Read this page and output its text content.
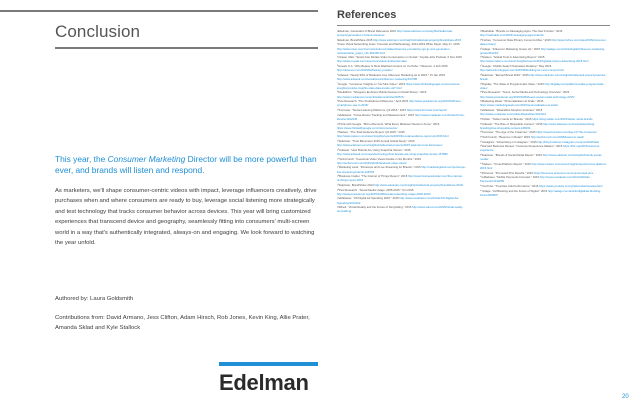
Conclusion

This year, the Consumer Marketing Director will be more powerful than ever, and brands will listen and respond.

As marketers, we'll shape consumer-centric videos with impact, leverage influencers creatively, drive purchases when and where consumers are ready to buy, leverage social listening more strategically and test technology that tracks consumer behavior across devices. This year will bring customized experiences that transcend device and geography, seamlessly fitting into consumers' multi-screen world in a way that's authentically integrated, always-on and engaging. We look forward to watching the year unfold.

Authored by: Laura Goldsmith

Contributions from: David Armano, Jess Clifton, Adam Hirsch, Rob Jones, Kevin King, Allie Prater, Amanda Sklad and Kyle Stallock

Edelman
References

¹Edelman, Generation Z Brand Relevance 2015 http://www.edelman.com/insights/intellectual-property/generation-z-brand-relevance

²Edelman, BrandShare 2015 http://www.edelman.com/insights/intellectual-property/brandshare-2015

³Cisco Visual Networking Index: Forecast and Methodology, 2014-2019 White Paper, May 27, 2015 http://www.cisco.com/c/en/us/solutions/collateral/service-provider/ip-ngn-ip-next-generation-network/white_paper_c11-481360.html

⁴Ocasio, Matt. "Sports Fan Dictate Video Consumption on Social." Ooyala Jobs Podcast, 6 Nov 2015 http://www.ooyala.com/resources/videomind/social-video

⁵Howell, K.A. "Why Beauty Is Most Watched Content on YouTube." Observer, 4 Feb 2015 http://observer.com/2015/02/beauty-youtube/

⁶Adweek, "Nearly 90% of Marketers Use Influencer Marketing as of 2015." 15 Jan 2015 http://www.adweek.com/socialtimes/influencer-marketing/614780

⁷Google. "Consumer Insights on YouTube Video." 2015 https://www.thinkwithgoogle.com/consumer-insights/youtube-insights-stats-data-trends-vol7.html

⁸MediaPost. "Shoppers Embrace Mobile Devices In Retail Stores." 2015 http://www.mediapost.com/publications/article/246571/

⁹Pew Research. "The Smartphone Difference." April 2015 http://www.pewinternet.org/2015/04/01/us-smartphone-use-in-2015/

¹⁰Forrester. "Social Listening Platforms, Q3 2015." 2015 https://www.forrester.com/report/

¹¹eMarketer. "Cross-Device Tracking and Measurement." 2015 http://www.emarketer.com/Article/Cross-Device/1012345

¹²Think with Google. "Micro-Moments: What Every Marketer Needs to Know." 2015 https://www.thinkwithgoogle.com/micromoments/

¹³Nielsen. "The Total Audience Report: Q3 2015." 2015 http://www.nielsen.com/us/en/insights/reports/2015/the-total-audience-report-q3-2015.html

¹⁴Edelman. "Trust Barometer 2015 Annual Global Study." 2015 http://www.edelman.com/insights/intellectual-property/2015-edelman-trust-barometer/

¹⁵Adweek. "How Brands Are Using Snapchat Stories." 2015 http://www.adweek.com/news/technology/how-brands-are-using-snapchat-stories-167890

¹⁶TechCrunch. "Facebook Video Views Double in Six Months." 2015 http://techcrunch.com/2015/11/04/facebook-video-views/

¹⁷Marketing Land. "Periscope and Live Streaming for Brands." 2015 http://marketingland.com/periscope-live-streaming-brands-128765

¹⁸Business Insider. "The Internet of Things Report." 2015 http://www.businessinsider.com/the-internet-of-things-report-2015

¹⁹Edelman, BrandShare 2014 http://www.edelman.com/insights/intellectual-property/brandshare-2014/

²⁰Pew Research. "Social Media Usage: 2005-2015." Oct 2015 http://www.pewinternet.org/2015/10/08/social-networking-usage-2005-2015/

²¹eMarketer. "US Digital Ad Spending 2015." 2015 http://www.emarketer.com/Article/US-Digital-Ad-Spending/1013012

²²Wired. "Virtual Reality and the Future of Storytelling." 2015 http://www.wired.com/2015/virtual-reality-storytelling/

²³Mashable. "Brands on Messaging Apps: The New Frontier." 2015 http://mashable.com/2015/messaging-apps-brands/

²⁴Forbes. "Consumer Data Privacy Concerns Rise." 2015 http://www.forbes.com/sites/2015/consumer-data-privacy/

²⁵Adage. "Influencer Marketing Grows Up." 2015 http://adage.com/article/digital/influencer-marketing-grows/301234/

²⁶Nielsen. "Global Trust in Advertising Report." 2015 http://www.nielsen.com/us/en/insights/reports/2015/global-trust-in-advertising-2015.html

²⁷Google. "Mobile Search Surpasses Desktop." May 2015 http://adwords.blogspot.com/2015/05/building-for-next-moment.html

²⁸Edelman. "Earned Brand 2015." 2015 http://www.edelman.com/insights/intellectual-property/earned-brand/

²⁹Digiday. "The State of Programmatic Video." 2015 http://digiday.com/platforms/state-programmatic-video/

³⁰Pew Research. "Teens, Social Media and Technology Overview." 2015 http://www.pewinternet.org/2015/04/09/teens-social-media-technology-2015/

³¹Marketing Week. "Personalization at Scale." 2015 https://www.marketingweek.com/2015/personalisation-at-scale/

³²eMarketer. "Wearables Adoption Forecast." 2015 http://www.emarketer.com/Article/Wearables/1013111

³³Twitter. "Twitter Cards for Brands." 2015 https://blog.twitter.com/2015/twitter-cards-brands

³⁴Adweek. "The Rise of Shoppable Content." 2015 http://www.adweek.com/news/advertising-branding/rise-shoppable-content-168234

³⁵Forrester. "The Age of the Customer." 2015 https://www.forrester.com/Age-Of-The-Customer/

³⁶TechCrunch. "Beacons in Retail." 2015 http://techcrunch.com/2015/beacons-retail/

³⁷Instagram. "Advertising on Instagram." 2015 http://blog.business.instagram.com/post/2015/ads

³⁸Harvard Business Review. "Customer Experience Matters." 2015 https://hbr.org/2015/customer-experience

³⁹Edelman. "Brands & Social Media Report." 2015 http://www.edelman.com/insights/brands-social-media/

⁴⁰Nielsen. "Cross-Platform Report." 2015 http://www.nielsen.com/us/en/insights/reports/cross-platform-2015.html

⁴¹Pinterest. "Promoted Pins Results." 2015 https://business.pinterest.com/en/promoted-pins

⁴²eMarketer. "Mobile Payments Forecast." 2015 http://www.emarketer.com/Article/Mobile-Payments/1013256

⁴³YouTube. "TrueView Ads Performance." 2015 https://www.youtube.com/yt/advertise/trueview.html

⁴⁴Adage. "Ad Blocking and the Future of Digital." 2015 http://adage.com/article/digital/ad-blocking-future/300987/

20
